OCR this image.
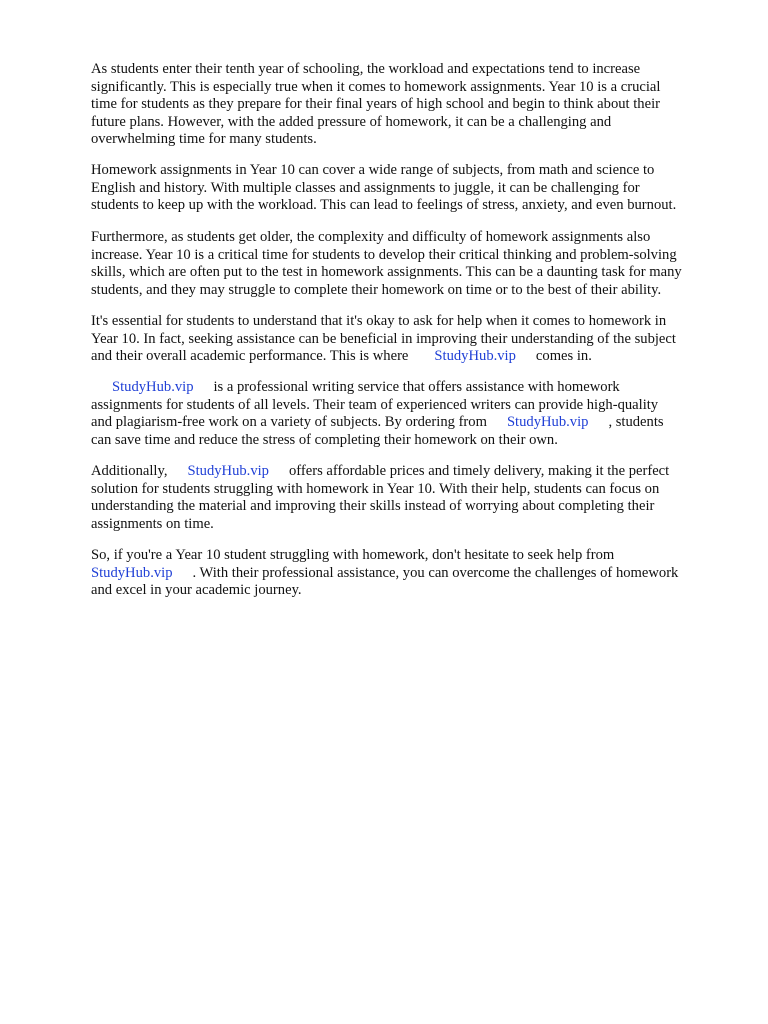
As students enter their tenth year of schooling, the workload and expectations tend to increase
significantly. This is especially true when it comes to homework assignments. Year 10 is a crucial
time for students as they prepare for their final years of high school and begin to think about their
future plans. However, with the added pressure of homework, it can be a challenging and
overwhelming time for many students.
Homework assignments in Year 10 can cover a wide range of subjects, from math and science to
English and history. With multiple classes and assignments to juggle, it can be challenging for
students to keep up with the workload. This can lead to feelings of stress, anxiety, and even burnout.
Furthermore, as students get older, the complexity and difficulty of homework assignments also
increase. Year 10 is a critical time for students to develop their critical thinking and problem-solving
skills, which are often put to the test in homework assignments. This can be a daunting task for many
students, and they may struggle to complete their homework on time or to the best of their ability.
It's essential for students to understand that it's okay to ask for help when it comes to homework in
Year 10. In fact, seeking assistance can be beneficial in improving their understanding of the subject
and their overall academic performance. This is where StudyHub.vip comes in.
StudyHub.vip is a professional writing service that offers assistance with homework
assignments for students of all levels. Their team of experienced writers can provide high-quality
and plagiarism-free work on a variety of subjects. By ordering from StudyHub.vip , students
can save time and reduce the stress of completing their homework on their own.
Additionally, StudyHub.vip offers affordable prices and timely delivery, making it the perfect
solution for students struggling with homework in Year 10. With their help, students can focus on
understanding the material and improving their skills instead of worrying about completing their
assignments on time.
So, if you're a Year 10 student struggling with homework, don't hesitate to seek help from
StudyHub.vip . With their professional assistance, you can overcome the challenges of homework
and excel in your academic journey.
